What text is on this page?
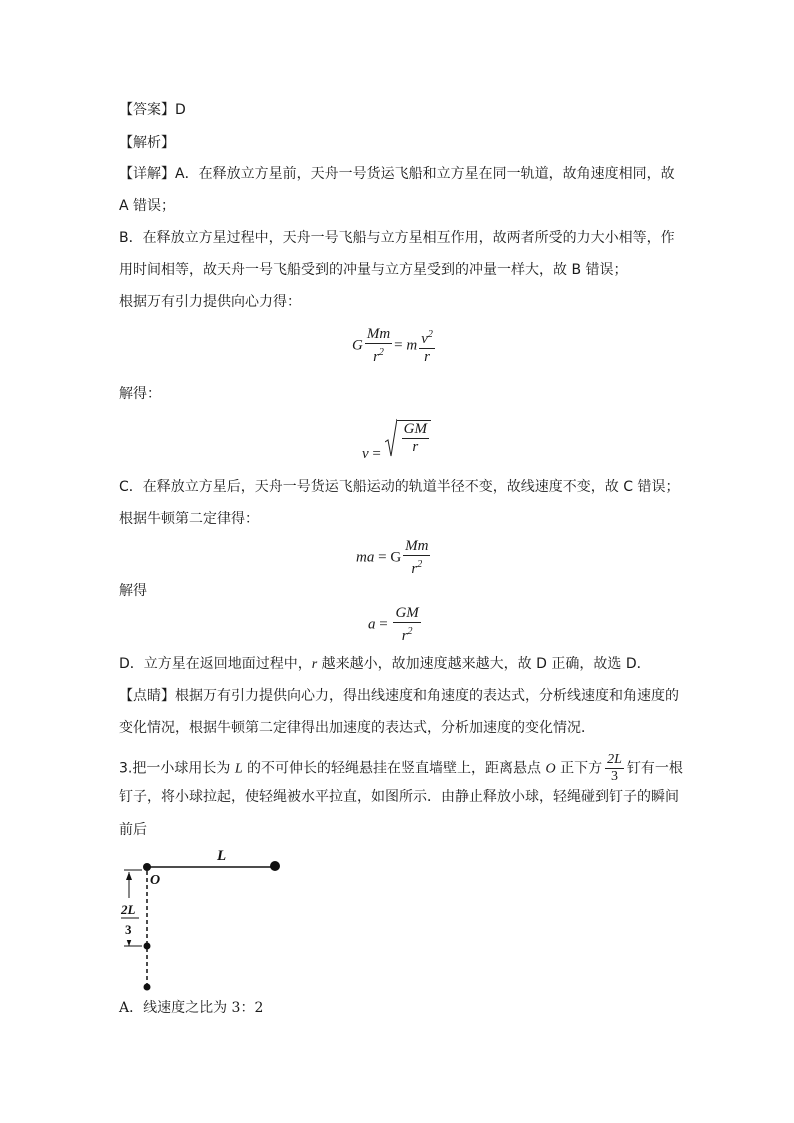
【答案】D
【解析】
【详解】A．在释放立方星前，天舟一号货运飞船和立方星在同一轨道，故角速度相同，故
A 错误；
B．在释放立方星过程中，天舟一号飞船与立方星相互作用，故两者所受的力大小相等，作
用时间相等，故天舟一号飞船受到的冲量与立方星受到的冲量一样大，故 B 错误；
根据万有引力提供向心力得：
G $\frac{Mm}{r^2} = m \frac{v^2}{r}$
解得：
$v = \frac{GM}{r}$
C．在释放立方星后，天舟一号货运飞船运动的轨道半径不变，故线速度不变，故 C 错误；
根据牛顿第二定律得：
ma = G $\frac{Mm}{r^2}$
解得
$a = \frac{GM}{r^2}$
D．立方星在返回地面过程中，r 越来越小，故加速度越来越大，故 D 正确，故选 D．
【点睛】根据万有引力提供向心力，得出线速度和角速度的表达式，分析线速度和角速度的
变化情况，根据牛顿第二定律得出加速度的表达式，分析加速度的变化情况．
3.把一小球用长为 L 的不可伸长的轻绳悬挂在竖直墙壁上，距离悬点 O 正下方 $\frac{2L}{3}$ 钉有一根
钉子，将小球拉起，使轻绳被水平拉直，如图所示．由静止释放小球，轻绳碰到钉子的瞬间
前后
L
O
2L
3
A．线速度之比为 3：2
